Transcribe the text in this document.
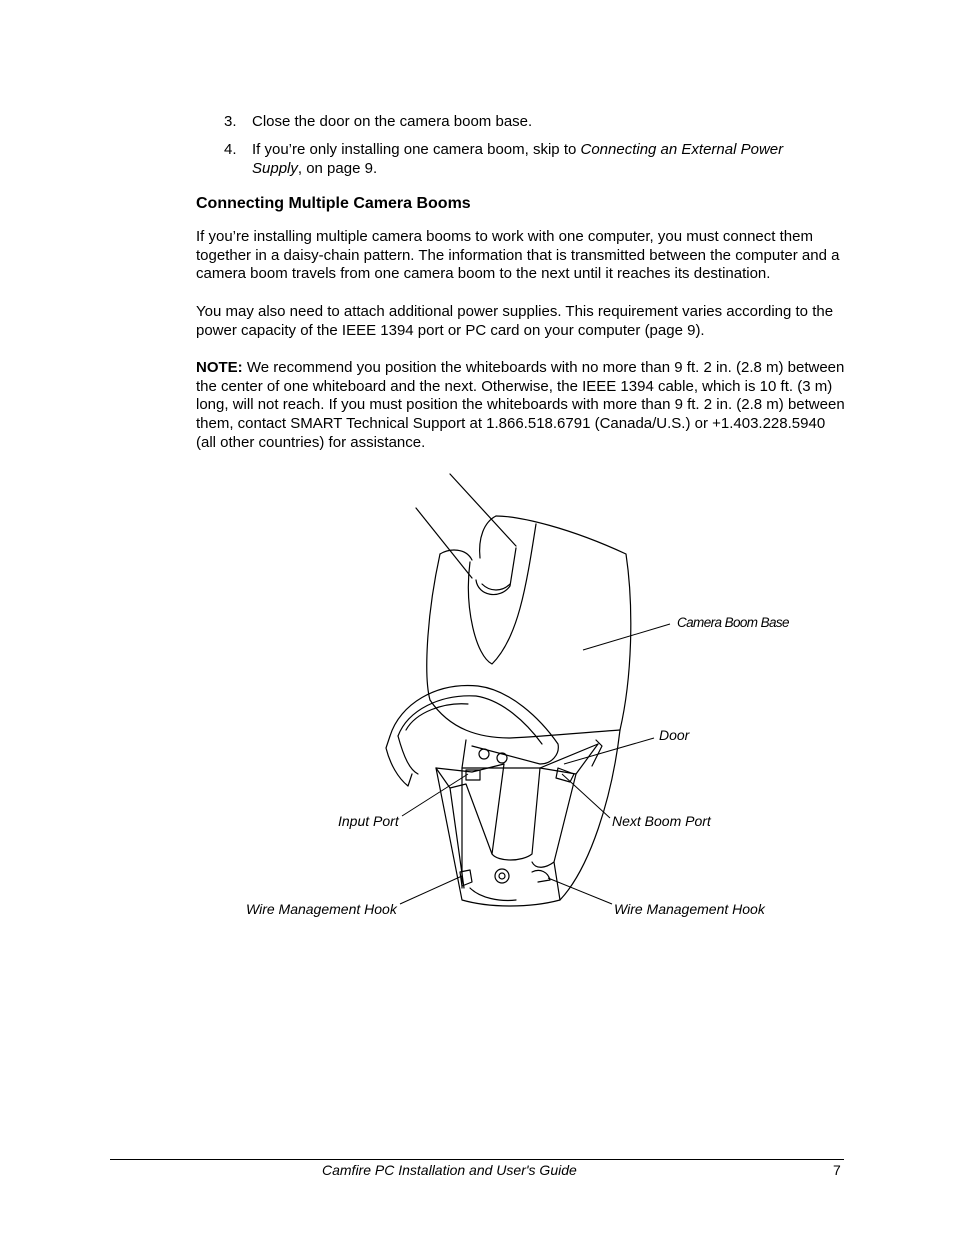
3. Close the door on the camera boom base.
4. If you’re only installing one camera boom, skip to Connecting an External Power Supply, on page 9.
Connecting Multiple Camera Booms
If you’re installing multiple camera booms to work with one computer, you must connect them together in a daisy-chain pattern. The information that is transmitted between the computer and a camera boom travels from one camera boom to the next until it reaches its destination.
You may also need to attach additional power supplies. This requirement varies according to the power capacity of the IEEE 1394 port or PC card on your computer (page 9).
NOTE: We recommend you position the whiteboards with no more than 9 ft. 2 in. (2.8 m) between the center of one whiteboard and the next. Otherwise, the IEEE 1394 cable, which is 10 ft. (3 m) long, will not reach. If you must position the whiteboards with more than 9 ft. 2 in. (2.8 m) between them, contact SMART Technical Support at 1.866.518.6791 (Canada/U.S.) or +1.403.228.5940 (all other countries) for assistance.
Camera Boom Base
Door
Input Port	Next Boom Port
Wire Management Hook	Wire Management Hook
Camfire PC Installation and User's Guide	7
